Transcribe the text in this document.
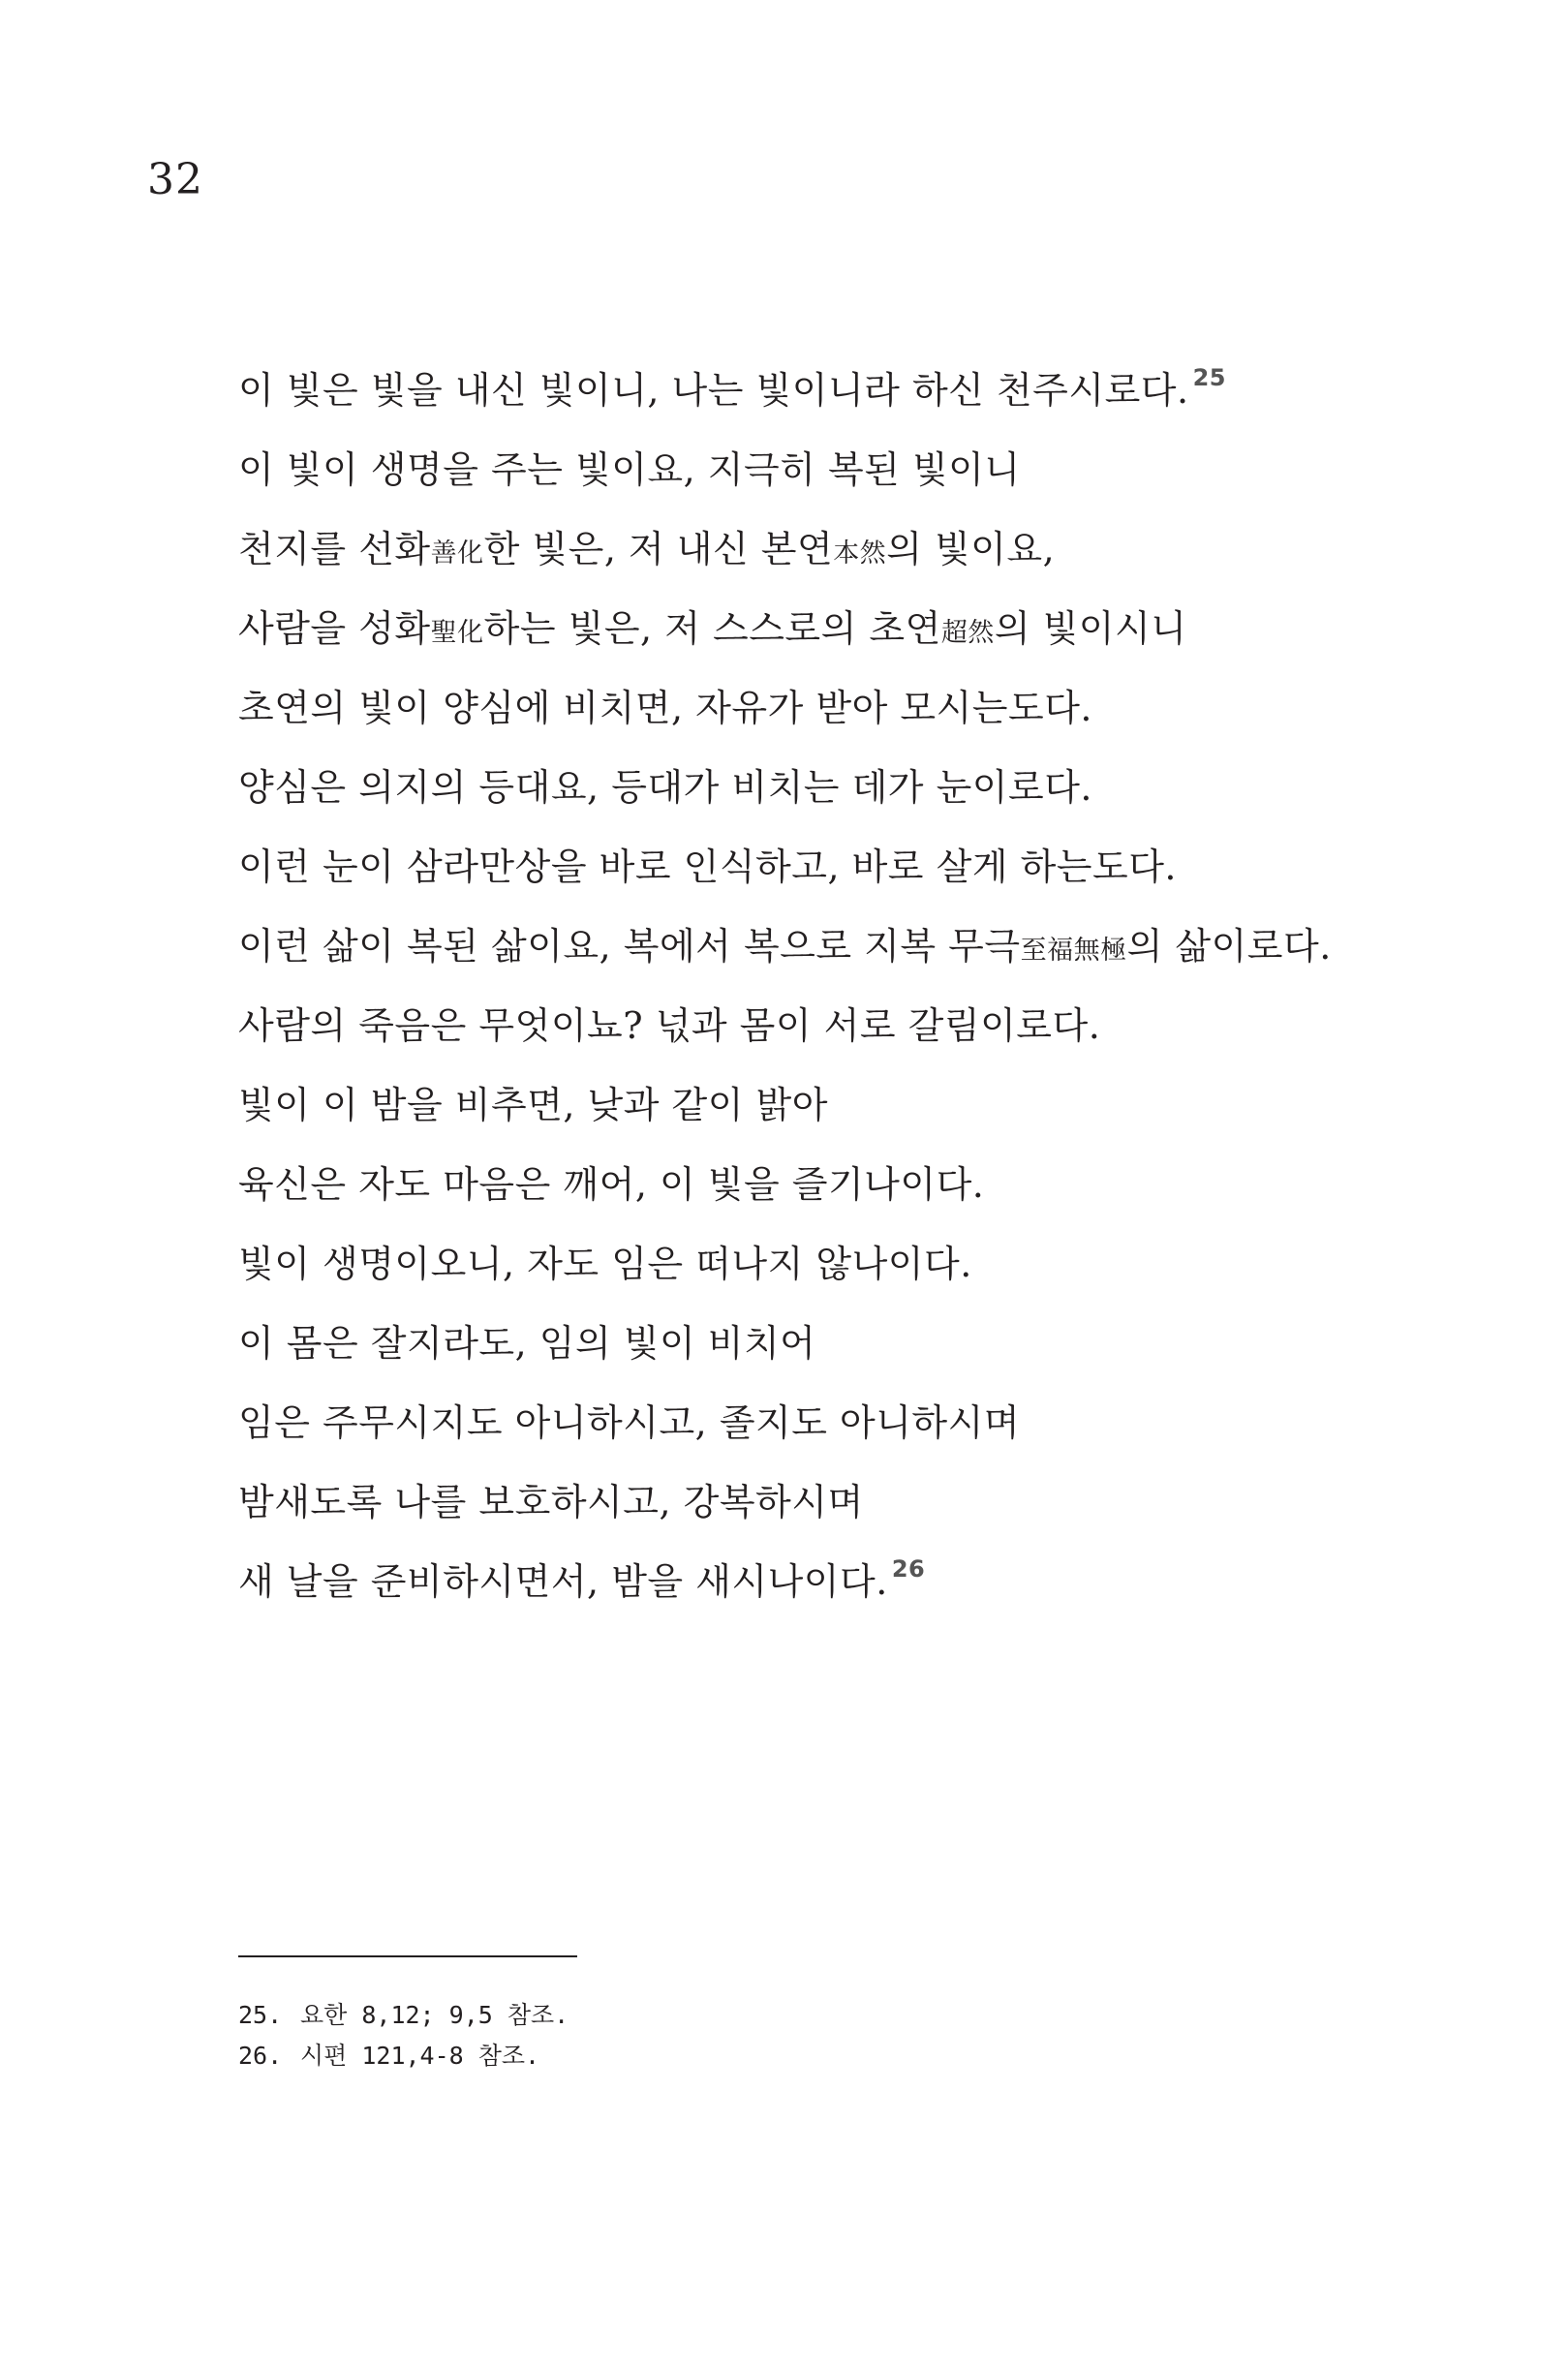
32
이 빛은 빛을 내신 빛이니, 나는 빛이니라 하신 천주시로다. $^{25}$
이 빛이 생명을 주는 빛이요, 지극히 복된 빛이니
천지를 선화善化한 빛은, 저 내신 본연本然의 빛이요,
사람을 성화聖化하는 빛은, 저 스스로의 초연超然의 빛이시니
초연의 빛이 양심에 비치면, 자유가 받아 모시는도다.
양심은 의지의 등대요, 등대가 비치는 데가 눈이로다.
이런 눈이 삼라만상을 바로 인식하고, 바로 살게 하는도다.
이런 삶이 복된 삶이요, 복에서 복으로 지복 무극至福無極의 삶이로다.
사람의 죽음은 무엇이뇨? 넋과 몸이 서로 갈림이로다.
빛이 이 밤을 비추면, 낮과 같이 밝아
육신은 자도 마음은 깨어, 이 빛을 즐기나이다.
빛이 생명이오니, 자도 임은 떠나지 않나이다.
이 몸은 잘지라도, 임의 빛이 비치어
임은 주무시지도 아니하시고, 졸지도 아니하시며
밤새도록 나를 보호하시고, 강복하시며
새 날을 준비하시면서, 밤을 새시나이다. $^{26}$
25. 요한 8,12; 9,5 참조.
26. 시편 121,4-8 참조.
